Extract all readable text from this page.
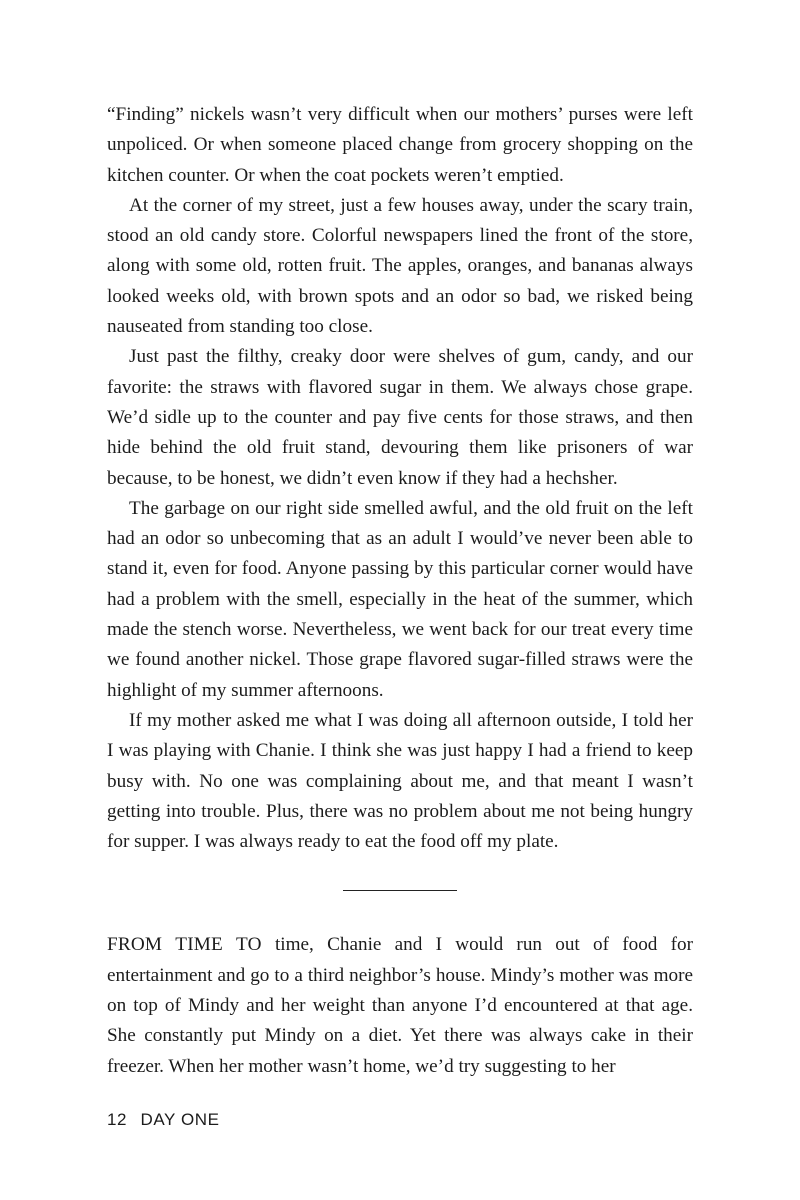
“Finding” nickels wasn’t very difficult when our mothers’ purses were left unpoliced. Or when someone placed change from grocery shopping on the kitchen counter. Or when the coat pockets weren’t emptied.

At the corner of my street, just a few houses away, under the scary train, stood an old candy store. Colorful newspapers lined the front of the store, along with some old, rotten fruit. The apples, oranges, and bananas always looked weeks old, with brown spots and an odor so bad, we risked being nauseated from standing too close.

Just past the filthy, creaky door were shelves of gum, candy, and our favorite: the straws with flavored sugar in them. We always chose grape. We’d sidle up to the counter and pay five cents for those straws, and then hide behind the old fruit stand, devouring them like prisoners of war because, to be honest, we didn’t even know if they had a hechsher.

The garbage on our right side smelled awful, and the old fruit on the left had an odor so unbecoming that as an adult I would’ve never been able to stand it, even for food. Anyone passing by this particular corner would have had a problem with the smell, especially in the heat of the summer, which made the stench worse. Nevertheless, we went back for our treat every time we found another nickel. Those grape flavored sugar-filled straws were the highlight of my summer afternoons.

If my mother asked me what I was doing all afternoon outside, I told her I was playing with Chanie. I think she was just happy I had a friend to keep busy with. No one was complaining about me, and that meant I wasn’t getting into trouble. Plus, there was no problem about me not being hungry for supper. I was always ready to eat the food off my plate.

FROM TIME TO time, Chanie and I would run out of food for entertainment and go to a third neighbor’s house. Mindy’s mother was more on top of Mindy and her weight than anyone I’d encountered at that age. She constantly put Mindy on a diet. Yet there was always cake in their freezer. When her mother wasn’t home, we’d try suggesting to her

12 DAY ONE
